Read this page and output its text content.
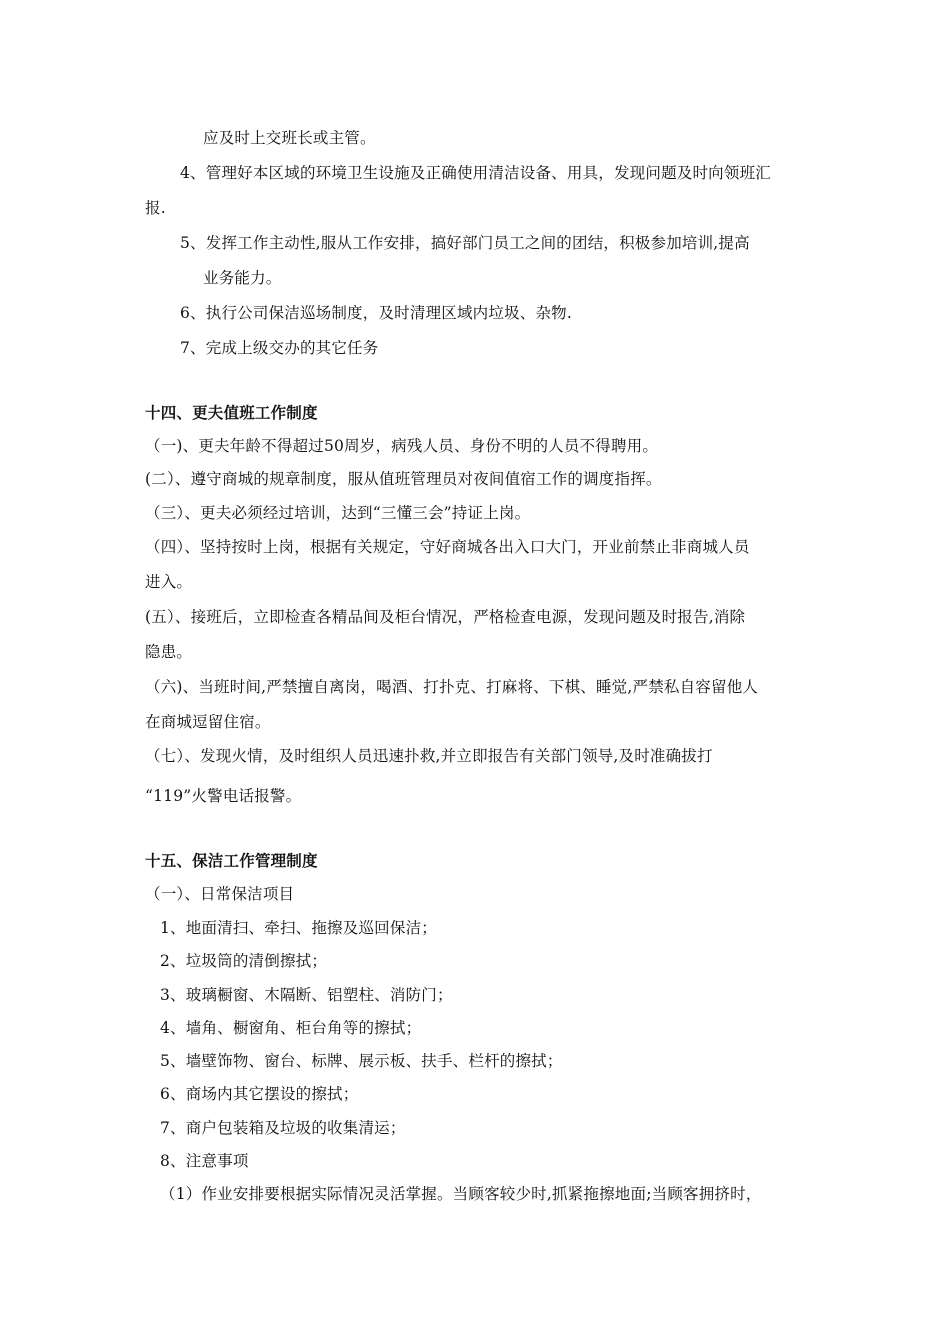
应及时上交班长或主管。
4、管理好本区域的环境卫生设施及正确使用清洁设备、用具，发现问题及时向领班汇
报.
5、发挥工作主动性,服从工作安排，搞好部门员工之间的团结，积极参加培训,提高
业务能力。
6、执行公司保洁巡场制度，及时清理区域内垃圾、杂物.
7、完成上级交办的其它任务
十四、更夫值班工作制度
（一)、更夫年龄不得超过50周岁，病残人员、身份不明的人员不得聘用。
(二）、遵守商城的规章制度，服从值班管理员对夜间值宿工作的调度指挥。
（三）、更夫必须经过培训，达到“三懂三会”持证上岗。
（四）、坚持按时上岗，根据有关规定，守好商城各出入口大门，开业前禁止非商城人员
进入。
(五）、接班后，立即检查各精品间及柜台情况，严格检查电源，发现问题及时报告,消除
隐患。
（六)、当班时间,严禁擅自离岗，喝酒、打扑克、打麻将、下棋、睡觉,严禁私自容留他人
在商城逗留住宿。
（七）、发现火情，及时组织人员迅速扑救,并立即报告有关部门领导,及时准确拔打
“119”火警电话报警。
十五、保洁工作管理制度
（一）、日常保洁项目
1、地面清扫、牵扫、拖擦及巡回保洁；
2、垃圾筒的清倒擦拭；
3、玻璃橱窗、木隔断、铝塑柱、消防门；
4、墙角、橱窗角、柜台角等的擦拭；
5、墙壁饰物、窗台、标牌、展示板、扶手、栏杆的擦拭；
6、商场内其它摆设的擦拭；
7、商户包装箱及垃圾的收集清运；
8、注意事项
（1）作业安排要根据实际情况灵活掌握。当顾客较少时,抓紧拖擦地面;当顾客拥挤时，
